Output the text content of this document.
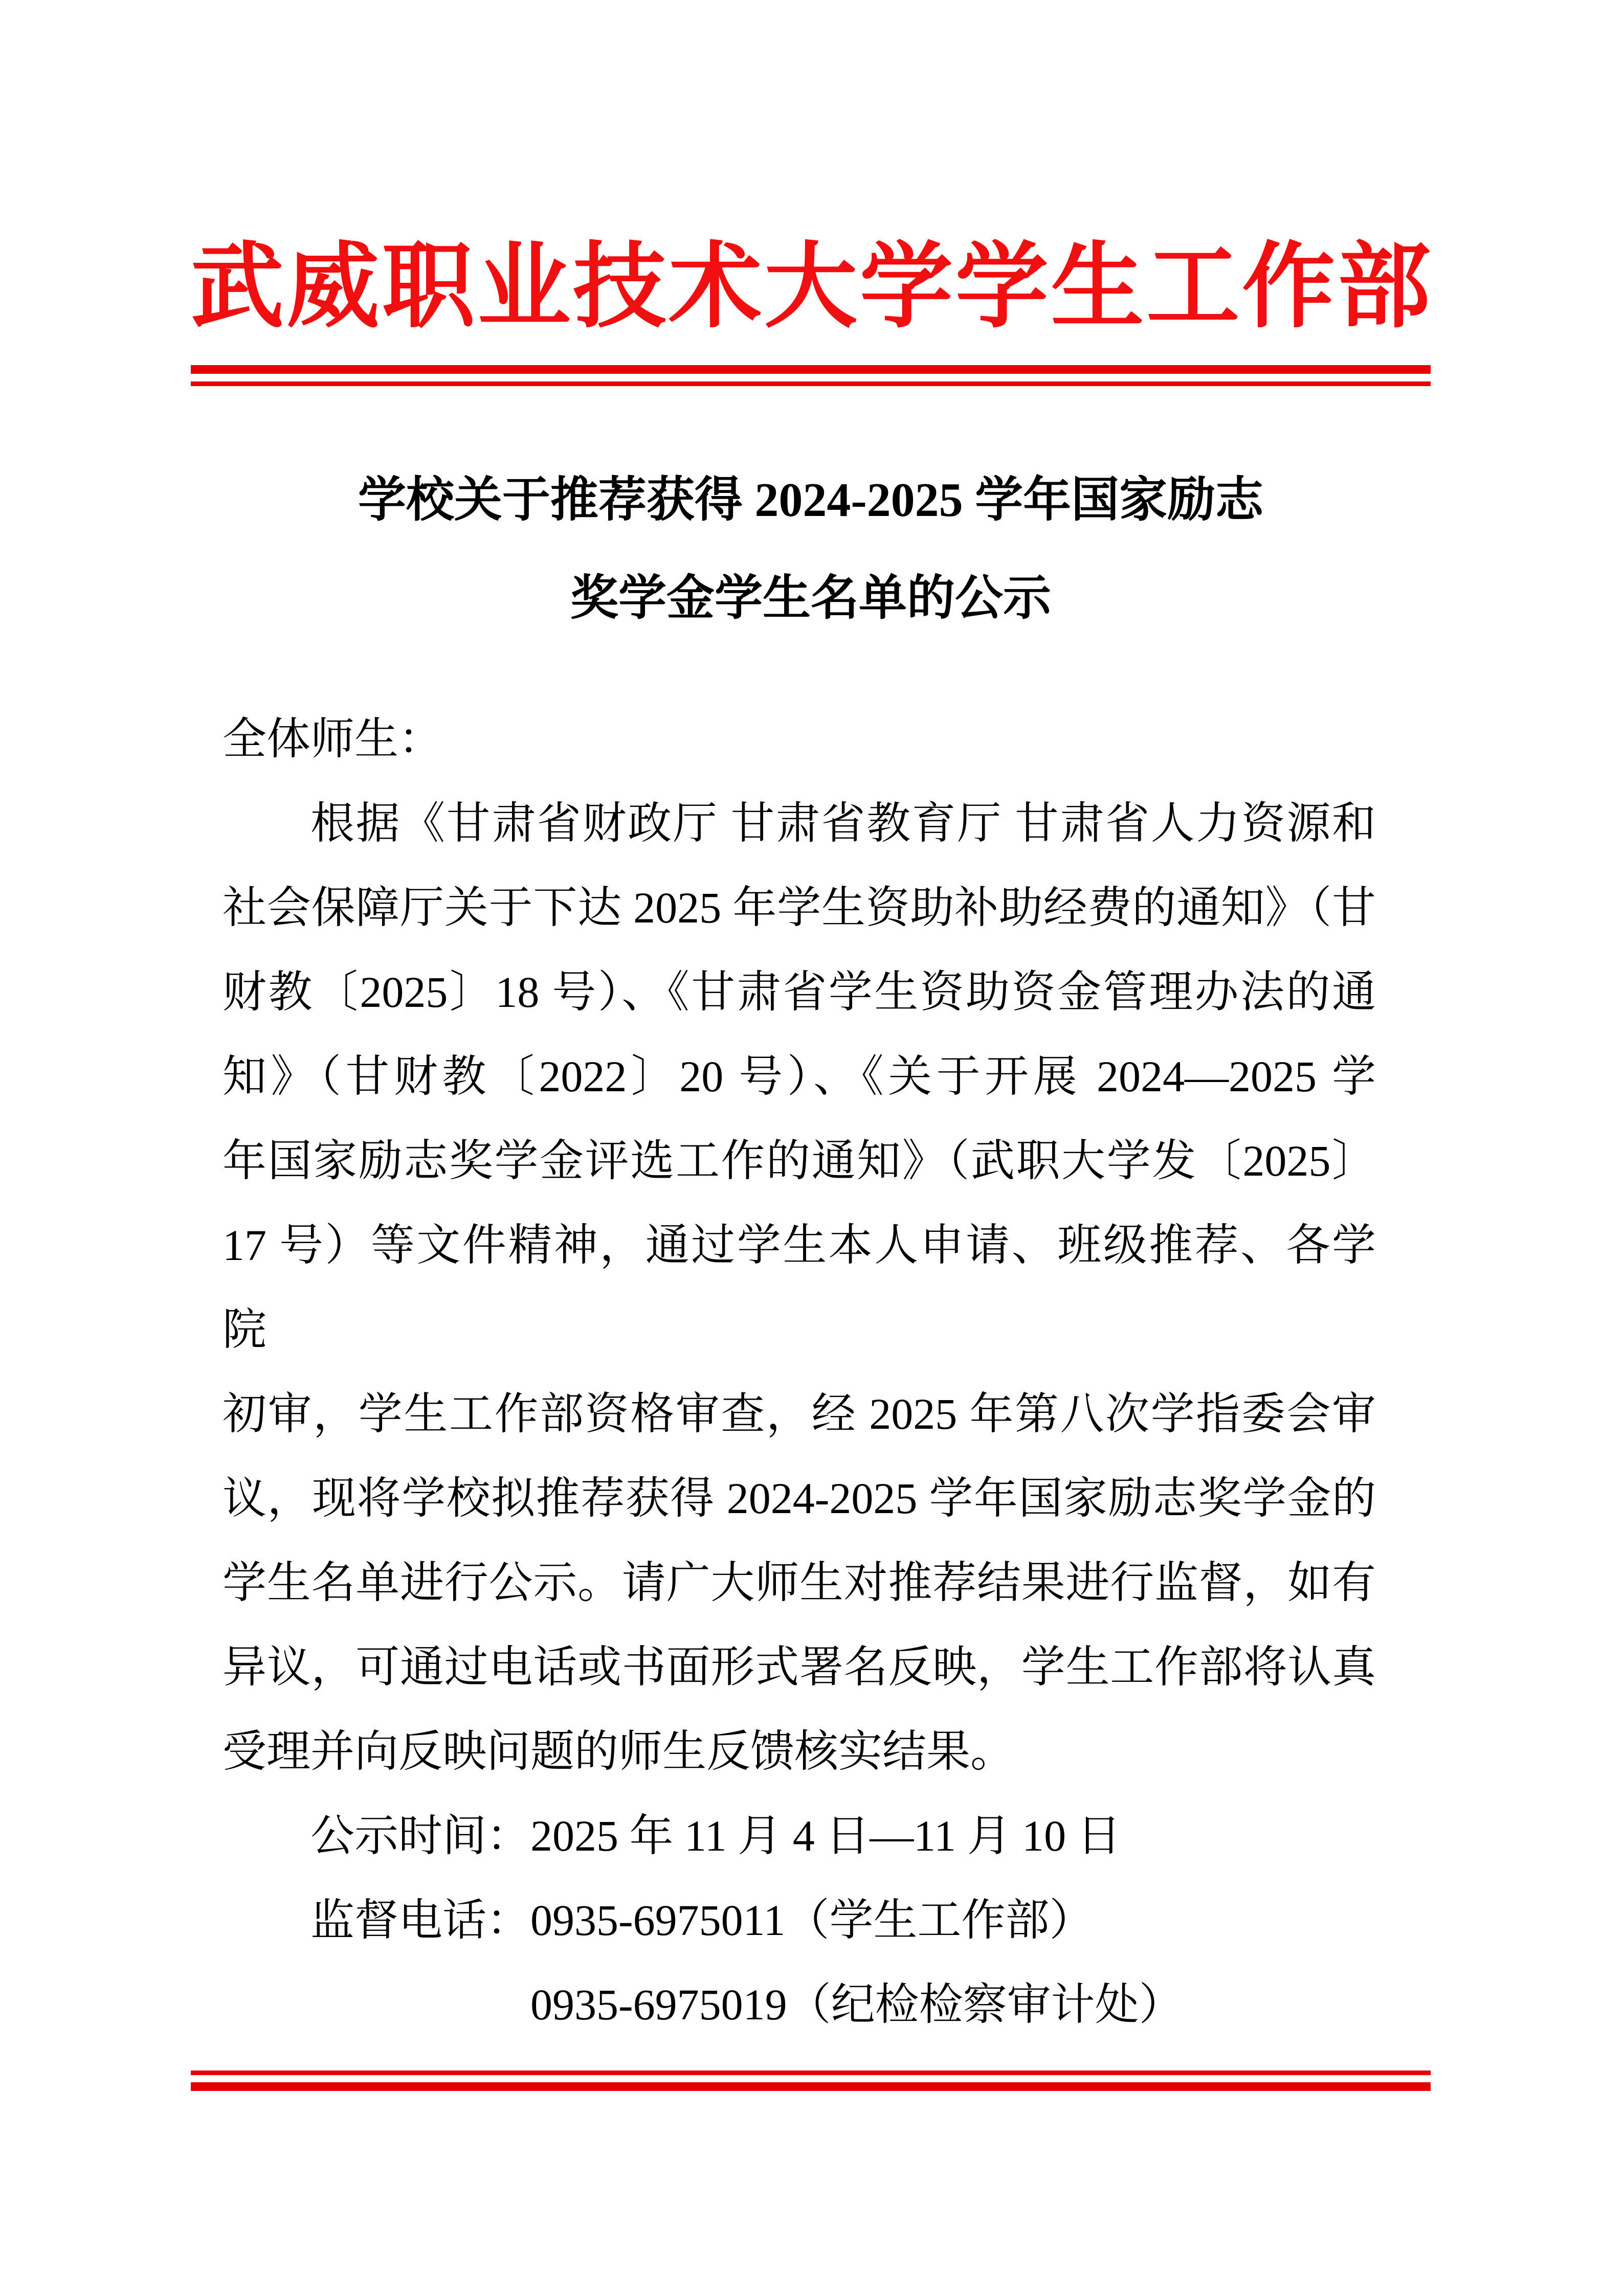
武威职业技术大学学生工作部
学校关于推荐获得 2024-2025 学年国家励志
奖学金学生名单的公示

全体师生：

根据《甘肃省财政厅 甘肃省教育厅 甘肃省人力资源和

社会保障厅关于下达 2025 年学生资助补助经费的通知》（甘

财教〔2025〕18 号）、《甘肃省学生资助资金管理办法的通

知》（甘财教〔2022〕20 号）、《关于开展 2024—2025 学

年国家励志奖学金评选工作的通知》（武职大学发〔2025〕

17 号）等文件精神，通过学生本人申请、班级推荐、各学院

初审，学生工作部资格审查，经 2025 年第八次学指委会审

议，现将学校拟推荐获得 2024-2025 学年国家励志奖学金的

学生名单进行公示。请广大师生对推荐结果进行监督，如有

异议，可通过电话或书面形式署名反映，学生工作部将认真

受理并向反映问题的师生反馈核实结果。

公示时间：2025 年 11 月 4 日—11 月 10 日

监督电话：0935-6975011（学生工作部）

0935-6975019（纪检检察审计处）
